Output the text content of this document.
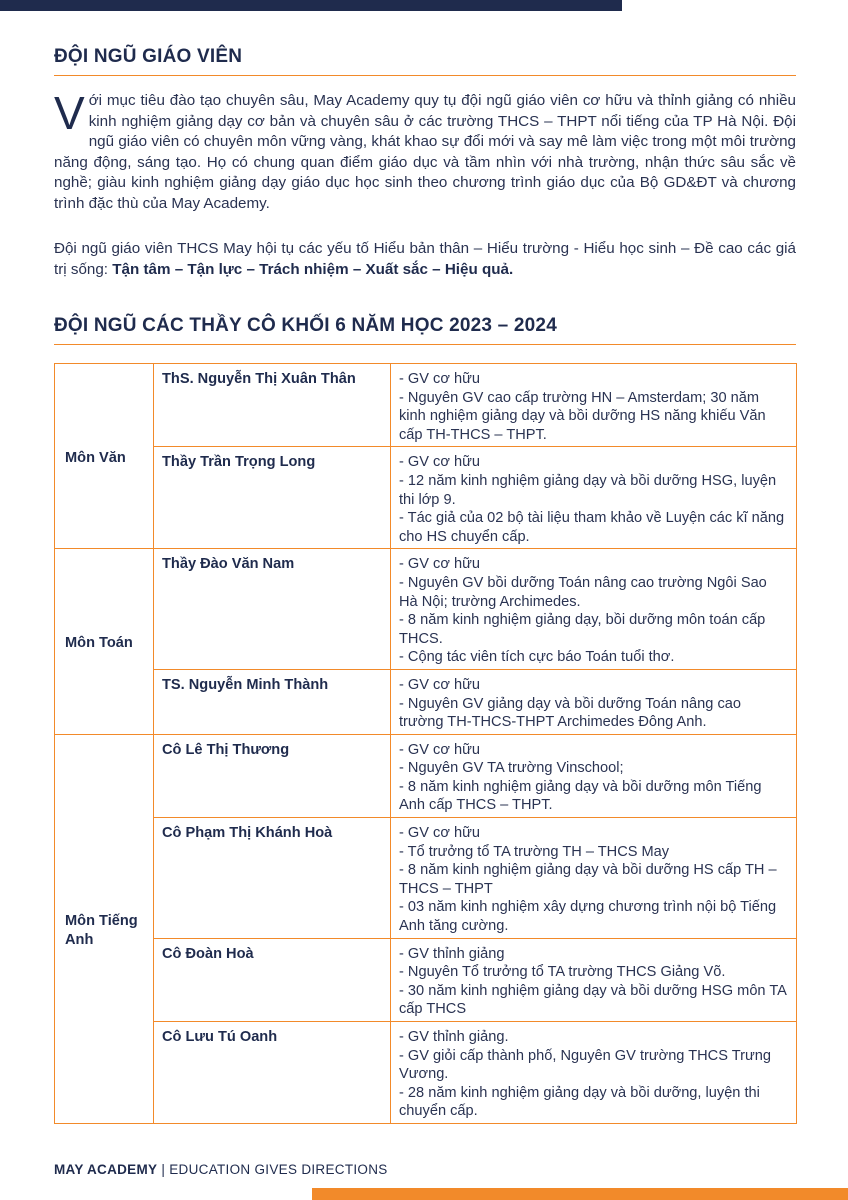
ĐỘI NGŨ GIÁO VIÊN
Với mục tiêu đào tạo chuyên sâu, May Academy quy tụ đội ngũ giáo viên cơ hữu và thỉnh giảng có nhiều kinh nghiệm giảng dạy cơ bản và chuyên sâu ở các trường THCS – THPT nổi tiếng của TP Hà Nội. Đội ngũ giáo viên có chuyên môn vững vàng, khát khao sự đổi mới và say mê làm việc trong một môi trường năng động, sáng tạo. Họ có chung quan điểm giáo dục và tầm nhìn với nhà trường, nhận thức sâu sắc về nghề; giàu kinh nghiệm giảng dạy giáo dục học sinh theo chương trình giáo dục của Bộ GD&ĐT và chương trình đặc thù của May Academy.
Đội ngũ giáo viên THCS May hội tụ các yếu tố Hiểu bản thân – Hiểu trường - Hiểu học sinh – Đề cao các giá trị sống: Tận tâm – Tận lực – Trách nhiệm – Xuất sắc – Hiệu quả.
ĐỘI NGŨ CÁC THẦY CÔ KHỐI 6 NĂM HỌC 2023 – 2024
Môn Văn	ThS. Nguyễn Thị Xuân Thân	- GV cơ hữu
- Nguyên GV cao cấp trường HN – Amsterdam; 30 năm kinh nghiệm giảng dạy và bồi dưỡng HS năng khiếu Văn cấp TH-THCS – THPT.

	Thầy Trần Trọng Long	- GV cơ hữu
- 12 năm kinh nghiệm giảng dạy và bồi dưỡng HSG, luyện thi lớp 9.
- Tác giả của 02 bộ tài liệu tham khảo về Luyện các kĩ năng cho HS chuyển cấp.

Môn Toán	Thầy Đào Văn Nam	- GV cơ hữu
- Nguyên GV bồi dưỡng Toán nâng cao trường Ngôi Sao Hà Nội; trường Archimedes.
- 8 năm kinh nghiệm giảng dạy, bồi dưỡng môn toán cấp THCS.
- Cộng tác viên tích cực báo Toán tuổi thơ.

	TS. Nguyễn Minh Thành	- GV cơ hữu
- Nguyên GV giảng dạy và bồi dưỡng Toán nâng cao trường TH-THCS-THPT Archimedes Đông Anh.

Môn Tiếng Anh	Cô Lê Thị Thương	- GV cơ hữu
- Nguyên GV TA trường Vinschool;
- 8 năm kinh nghiệm giảng dạy và bồi dưỡng môn Tiếng Anh cấp THCS – THPT.

	Cô Phạm Thị Khánh Hoà	- GV cơ hữu
- Tổ trưởng tổ TA trường TH – THCS May
- 8 năm kinh nghiệm giảng dạy và bồi dưỡng HS cấp TH – THCS – THPT
- 03 năm kinh nghiệm xây dựng chương trình nội bộ Tiếng Anh tăng cường.

	Cô Đoàn Hoà	- GV thỉnh giảng
- Nguyên Tổ trưởng tổ TA trường THCS Giảng Võ.
- 30 năm kinh nghiệm giảng dạy và bồi dưỡng HSG môn TA cấp THCS

	Cô Lưu Tú Oanh	- GV thỉnh giảng.
- GV giỏi cấp thành phố, Nguyên GV trường THCS Trưng Vương.
- 28 năm kinh nghiệm giảng dạy và bồi dưỡng, luyện thi chuyển cấp.
MAY ACADEMY | EDUCATION GIVES DIRECTIONS
